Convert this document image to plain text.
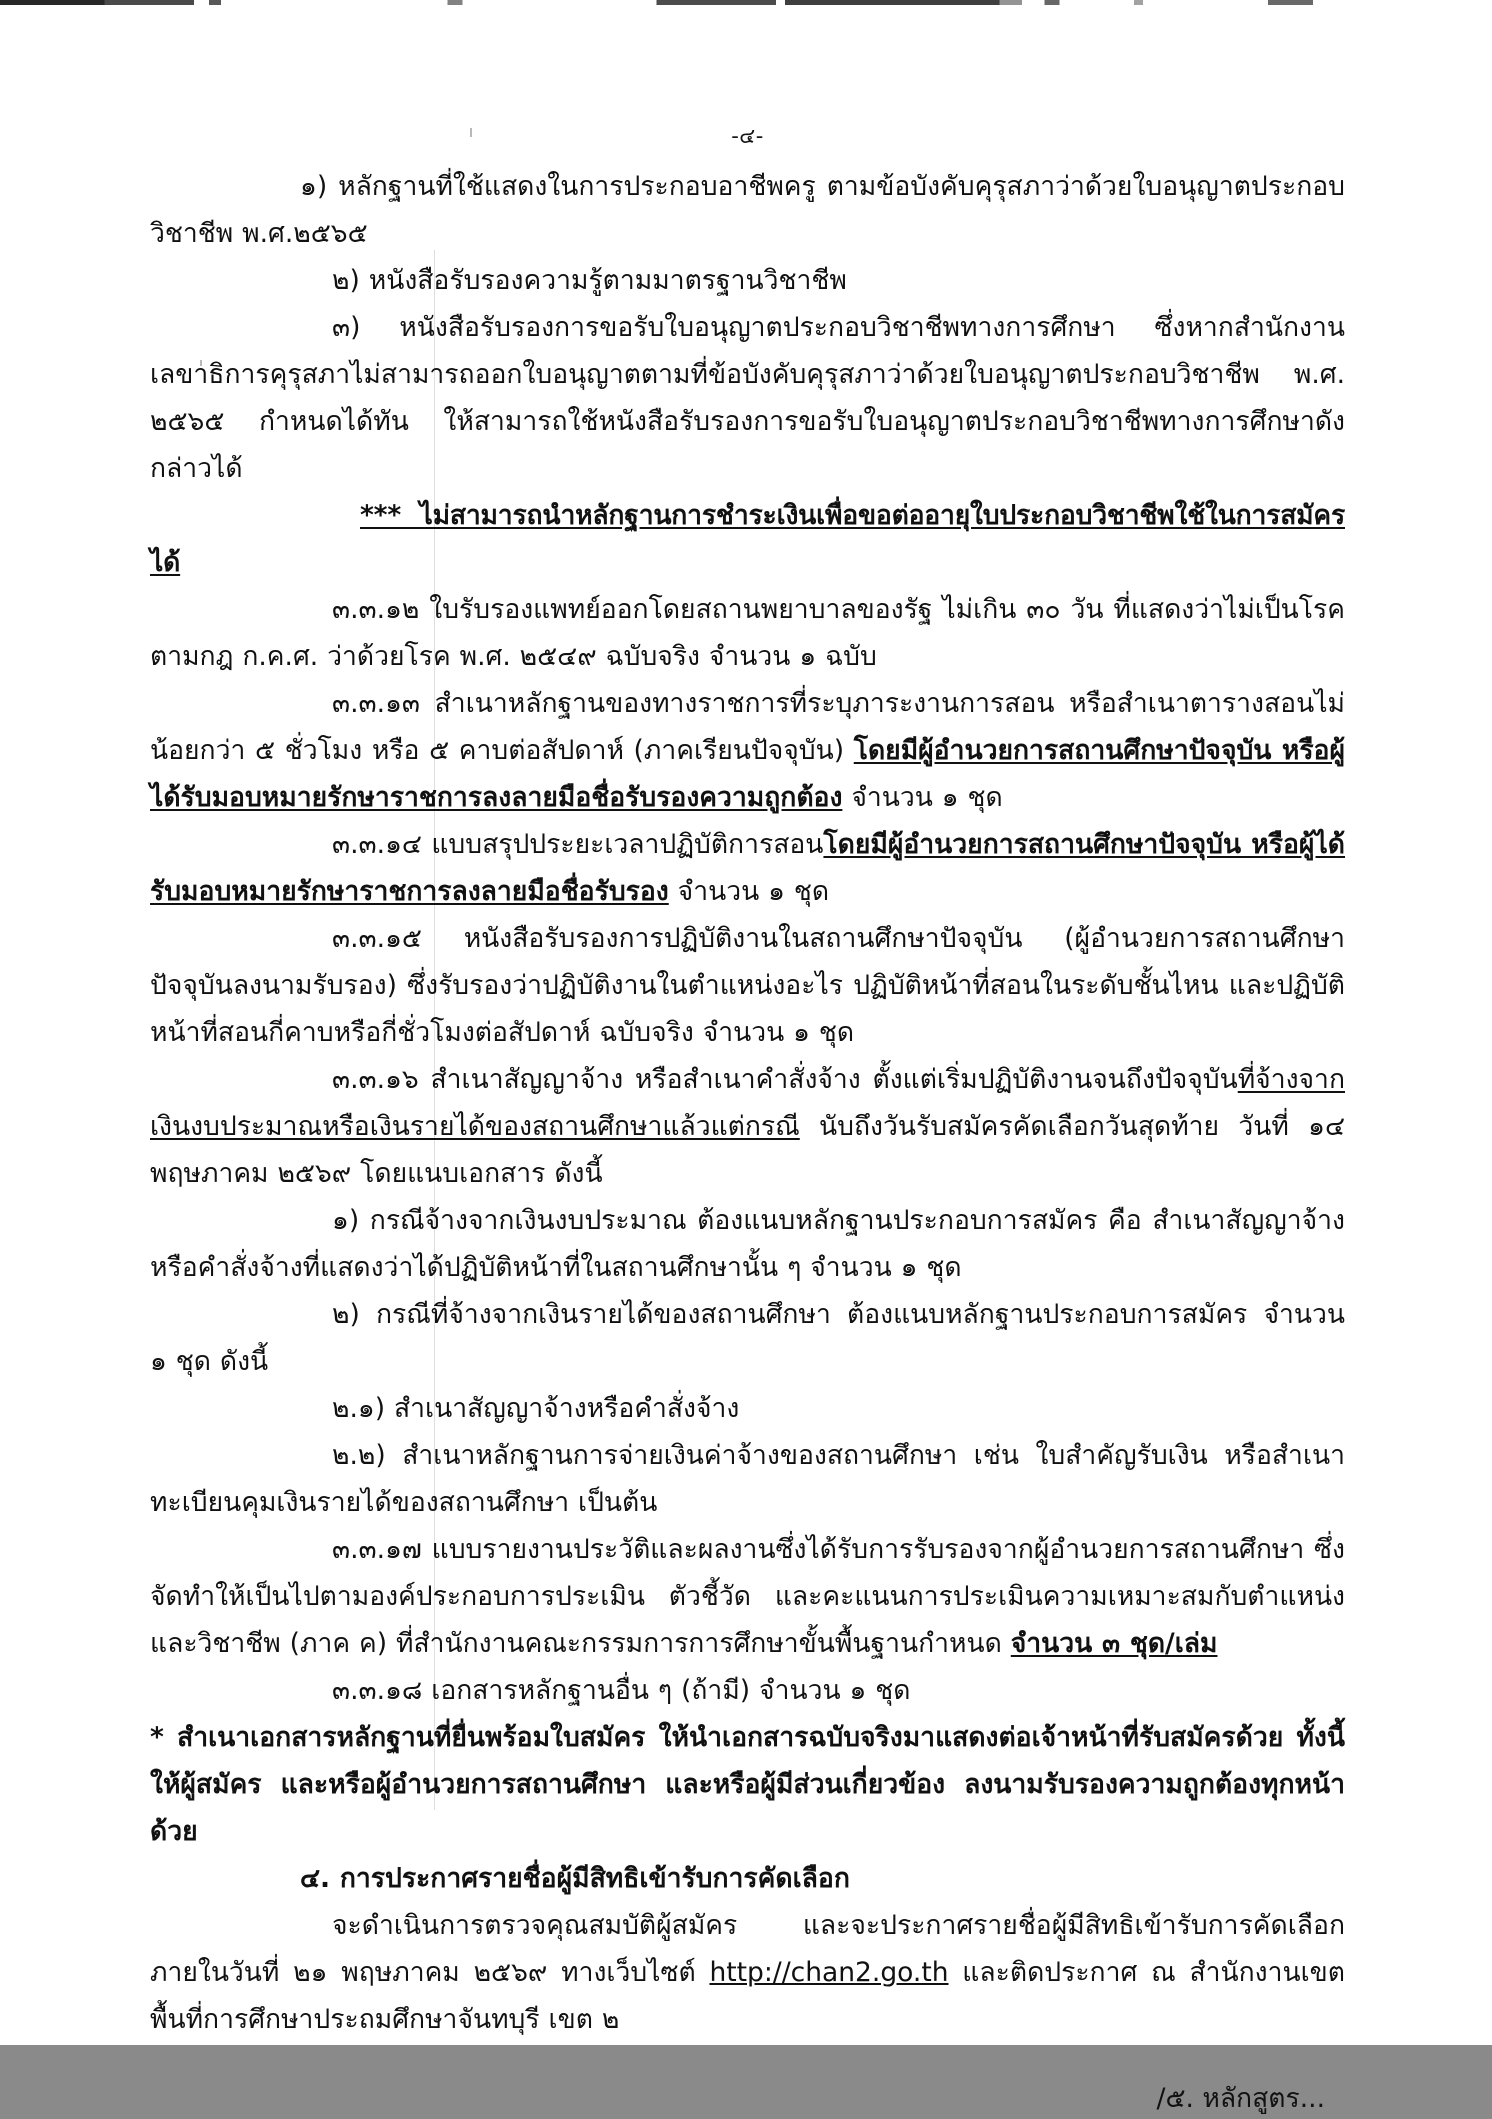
-๔-

๑) หลักฐานที่ใช้แสดงในการประกอบอาชีพครู ตามข้อบังคับคุรุสภาว่าด้วยใบอนุญาตประกอบวิชาชีพ พ.ศ.๒๕๖๕

๒) หนังสือรับรองความรู้ตามมาตรฐานวิชาชีพ

๓) หนังสือรับรองการขอรับใบอนุญาตประกอบวิชาชีพทางการศึกษา ซึ่งหากสำนักงานเลขาธิการคุรุสภาไม่สามารถออกใบอนุญาตตามที่ข้อบังคับคุรุสภาว่าด้วยใบอนุญาตประกอบวิชาชีพ พ.ศ. ๒๕๖๕ กำหนดได้ทัน ให้สามารถใช้หนังสือรับรองการขอรับใบอนุญาตประกอบวิชาชีพทางการศึกษาดังกล่าวได้

*** ไม่สามารถนำหลักฐานการชำระเงินเพื่อขอต่ออายุใบประกอบวิชาชีพใช้ในการสมัครได้

๓.๓.๑๒ ใบรับรองแพทย์ออกโดยสถานพยาบาลของรัฐ ไม่เกิน ๓๐ วัน ที่แสดงว่าไม่เป็นโรคตามกฎ ก.ค.ศ. ว่าด้วยโรค พ.ศ. ๒๕๔๙ ฉบับจริง จำนวน ๑ ฉบับ

๓.๓.๑๓ สำเนาหลักฐานของทางราชการที่ระบุภาระงานการสอน หรือสำเนาตารางสอนไม่น้อยกว่า ๕ ชั่วโมง หรือ ๕ คาบต่อสัปดาห์ (ภาคเรียนปัจจุบัน) โดยมีผู้อำนวยการสถานศึกษาปัจจุบัน หรือผู้ได้รับมอบหมายรักษาราชการลงลายมือชื่อรับรองความถูกต้อง จำนวน ๑ ชุด

๓.๓.๑๔ แบบสรุปประยะเวลาปฏิบัติการสอนโดยมีผู้อำนวยการสถานศึกษาปัจจุบัน หรือผู้ได้รับมอบหมายรักษาราชการลงลายมือชื่อรับรอง จำนวน ๑ ชุด

๓.๓.๑๕ หนังสือรับรองการปฏิบัติงานในสถานศึกษาปัจจุบัน (ผู้อำนวยการสถานศึกษาปัจจุบันลงนามรับรอง) ซึ่งรับรองว่าปฏิบัติงานในตำแหน่งอะไร ปฏิบัติหน้าที่สอนในระดับชั้นไหน และปฏิบัติหน้าที่สอนกี่คาบหรือกี่ชั่วโมงต่อสัปดาห์ ฉบับจริง จำนวน ๑ ชุด

๓.๓.๑๖ สำเนาสัญญาจ้าง หรือสำเนาคำสั่งจ้าง ตั้งแต่เริ่มปฏิบัติงานจนถึงปัจจุบันที่จ้างจากเงินงบประมาณหรือเงินรายได้ของสถานศึกษาแล้วแต่กรณี นับถึงวันรับสมัครคัดเลือกวันสุดท้าย วันที่ ๑๔ พฤษภาคม ๒๕๖๙ โดยแนบเอกสาร ดังนี้

๑) กรณีจ้างจากเงินงบประมาณ ต้องแนบหลักฐานประกอบการสมัคร คือ สำเนาสัญญาจ้างหรือคำสั่งจ้างที่แสดงว่าได้ปฏิบัติหน้าที่ในสถานศึกษานั้น ๆ จำนวน ๑ ชุด

๒) กรณีที่จ้างจากเงินรายได้ของสถานศึกษา ต้องแนบหลักฐานประกอบการสมัคร จำนวน ๑ ชุด ดังนี้

๒.๑) สำเนาสัญญาจ้างหรือคำสั่งจ้าง

๒.๒) สำเนาหลักฐานการจ่ายเงินค่าจ้างของสถานศึกษา เช่น ใบสำคัญรับเงิน หรือสำเนาทะเบียนคุมเงินรายได้ของสถานศึกษา เป็นต้น

๓.๓.๑๗ แบบรายงานประวัติและผลงานซึ่งได้รับการรับรองจากผู้อำนวยการสถานศึกษา ซึ่งจัดทำให้เป็นไปตามองค์ประกอบการประเมิน ตัวชี้วัด และคะแนนการประเมินความเหมาะสมกับตำแหน่งและวิชาชีพ (ภาค ค) ที่สำนักงานคณะกรรมการการศึกษาขั้นพื้นฐานกำหนด จำนวน ๓ ชุด/เล่ม

๓.๓.๑๘ เอกสารหลักฐานอื่น ๆ (ถ้ามี) จำนวน ๑ ชุด

* สำเนาเอกสารหลักฐานที่ยื่นพร้อมใบสมัคร ให้นำเอกสารฉบับจริงมาแสดงต่อเจ้าหน้าที่รับสมัครด้วย ทั้งนี้ ให้ผู้สมัคร และหรือผู้อำนวยการสถานศึกษา และหรือผู้มีส่วนเกี่ยวข้อง ลงนามรับรองความถูกต้องทุกหน้าด้วย

๔. การประกาศรายชื่อผู้มีสิทธิเข้ารับการคัดเลือก

จะดำเนินการตรวจคุณสมบัติผู้สมัคร และจะประกาศรายชื่อผู้มีสิทธิเข้ารับการคัดเลือกภายในวันที่ ๒๑ พฤษภาคม ๒๕๖๙ ทางเว็บไซต์ http://chan2.go.th และติดประกาศ ณ สำนักงานเขตพื้นที่การศึกษาประถมศึกษาจันทบุรี เขต ๒

/๕. หลักสูตร...
